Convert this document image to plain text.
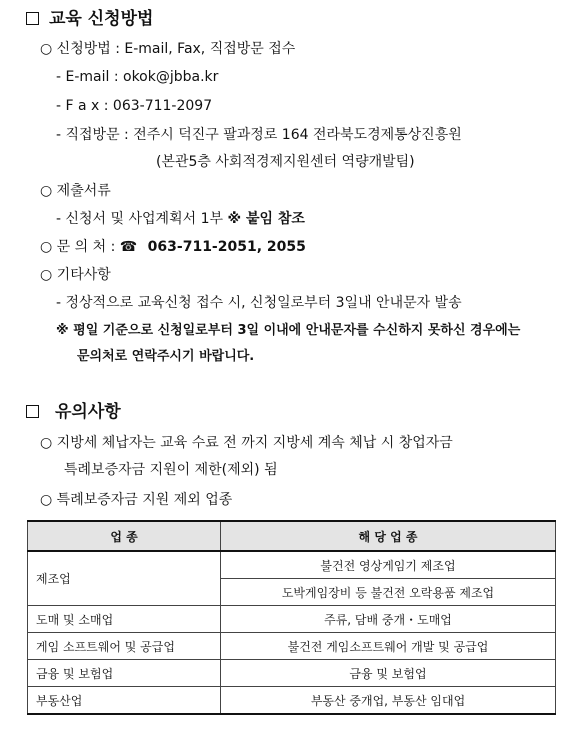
교육 신청방법
○ 신청방법 : E-mail, Fax, 직접방문 접수
- E-mail : okok@jbba.kr
- F a x : 063-711-2097
- 직접방문 : 전주시 덕진구 팔과정로 164 전라북도경제통상진흥원
(본관5층 사회적경제지원센터 역량개발팀)
○ 제출서류
- 신청서 및 사업계획서 1부 ※ 붙임 참조
○ 문 의 처 : ☎ 063-711-2051, 2055
○ 기타사항
- 정상적으로 교육신청 접수 시, 신청일로부터 3일내 안내문자 발송
※ 평일 기준으로 신청일로부터 3일 이내에 안내문자를 수신하지 못하신 경우에는
문의처로 연락주시기 바랍니다.
유의사항
○ 지방세 체납자는 교육 수료 전 까지 지방세 계속 체납 시 창업자금
특례보증자금 지원이 제한(제외) 됨
○ 특례보증자금 지원 제외 업종
업 종	해 당 업 종
제조업	불건전 영상게임기 제조업
	도박게임장비 등 불건전 오락용품 제조업
도매 및 소매업	주류, 담배 중개・도매업
게임 소프트웨어 및 공급업	불건전 게임소프트웨어 개발 및 공급업
금융 및 보험업	금융 및 보험업
부동산업	부동산 중개업, 부동산 임대업
